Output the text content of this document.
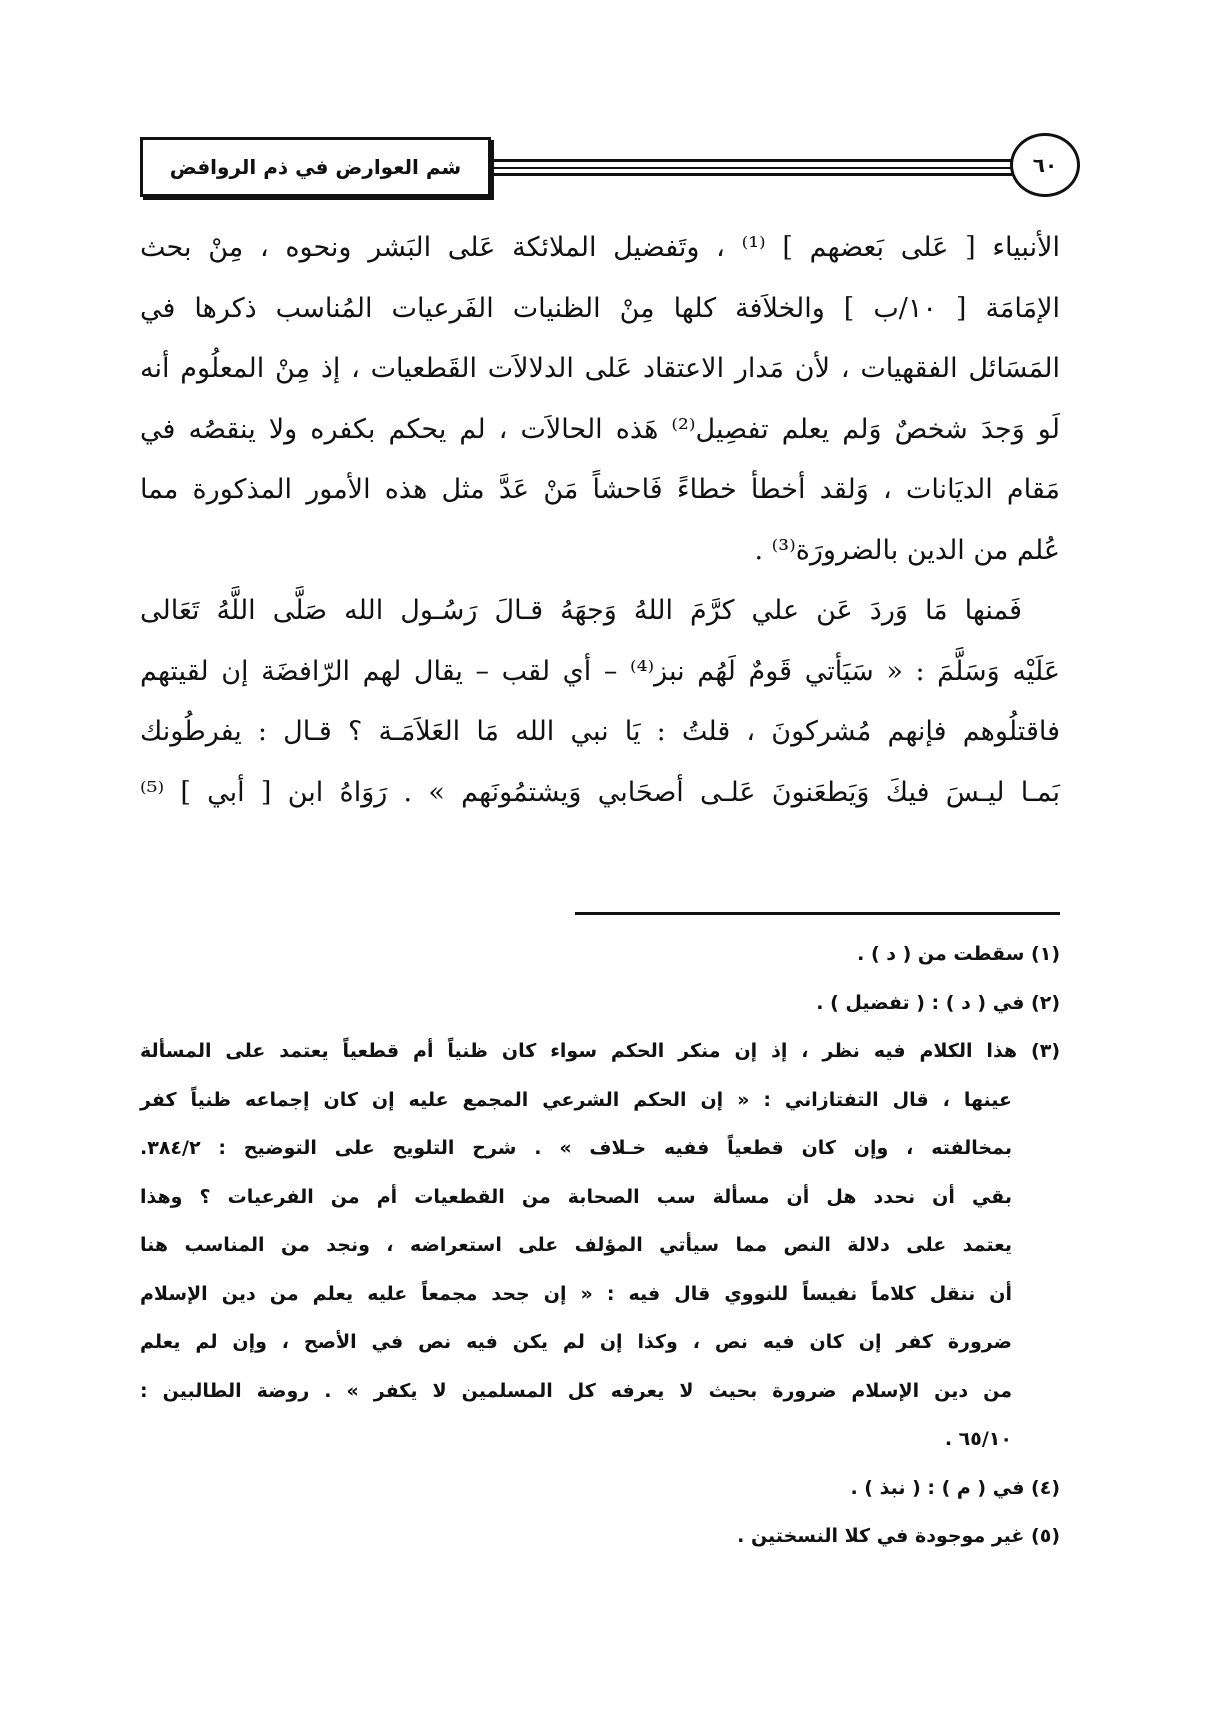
شم العوارض في ذم الروافض	٦٠
الأنبياء [ عَلى بَعضهم ] ⁽¹⁾ ، وتَفضيل الملائكة عَلى البَشر ونحوه ، مِنْ بحث
الإمَامَة [ ١٠/ب ] والخلاَفة كلها مِنْ الظنيات الفَرعيات المُناسب ذكرها في
المَسَائل الفقهيات ، لأن مَدار الاعتقاد عَلى الدلالاَت القَطعيات ، إذ مِنْ المعلُوم أنه
لَو وَجدَ شخصٌ وَلم يعلم تفصِيل⁽²⁾ هَذه الحالاَت ، لم يحكم بكفره ولا ينقصُه في
مَقام الديَانات ، وَلقد أخطأ خطاءً فَاحشاً مَنْ عَدَّ مثل هذه الأمور المذكورة مما
عُلم من الدين بالضرورَة⁽³⁾ .
فَمنها مَا وَردَ عَن علي كرَّمَ اللهُ وَجهَهُ قـالَ رَسُـول الله صَلَّى اللَّهُ تَعَالى
عَلَيْه وَسَلَّمَ : « سَيَأتي قَومٌ لَهُم نبز⁽⁴⁾ – أي لقب – يقال لهم الرّافضَة إن لقيتهم
فاقتلُوهم فإنهم مُشركونَ ، قلتُ : يَا نبي الله مَا العَلاَمَـة ؟ قـال : يفرطُونك
بَمـا ليـسَ فيكَ وَيَطعَنونَ عَلـى أصحَابي وَيشتمُونَهم » . رَوَاهُ ابن [ أبي ] ⁽⁵⁾
(١) سقطت من ( د ) .
(٢) في ( د ) : ( تفضيل ) .
(٣) هذا الكلام فيه نظر ، إذ إن منكر الحكم سواء كان ظنياً أم قطعياً يعتمد على المسألة
عينها ، قال التفتازاني : « إن الحكم الشرعي المجمع عليه إن كان إجماعه ظنياً كفر
بمخالفته ، وإن كان قطعياً ففيه خـلاف » . شرح التلويح على التوضيح : ٣٨٤/٢.
بقي أن نحدد هل أن مسألة سب الصحابة من القطعيات أم من الفرعيات ؟ وهذا
يعتمد على دلالة النص مما سيأتي المؤلف على استعراضه ، ونجد من المناسب هنا
أن ننقل كلاماً نفيساً للنووي قال فيه : « إن جحد مجمعاً عليه يعلم من دين الإسلام
ضرورة كفر إن كان فيه نص ، وكذا إن لم يكن فيه نص في الأصح ، وإن لم يعلم
من دين الإسلام ضرورة بحيث لا يعرفه كل المسلمين لا يكفر » . روضة الطالبين :
٦٥/١٠ .
(٤) في ( م ) : ( نبذ ) .
(٥) غير موجودة في كلا النسختين .
